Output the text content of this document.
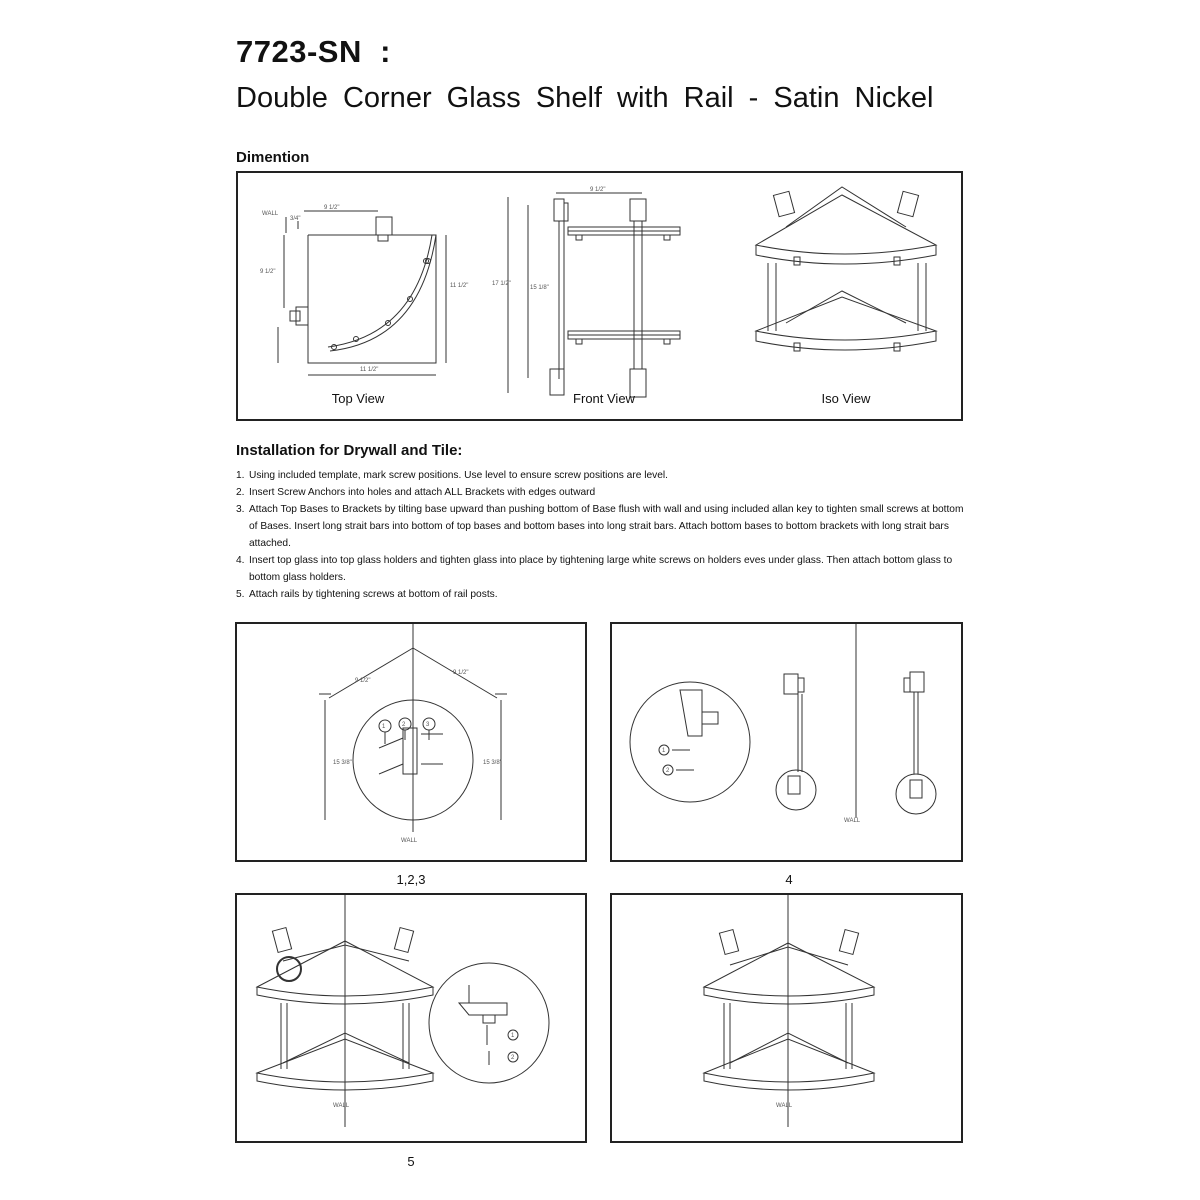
7723-SN  :
Double Corner Glass Shelf with Rail - Satin Nickel
Dimention
WALL
3/4"
9 1/2"
9 1/2"
11 1/2"
11 1/2"
9 1/2"
17 1/2"
15 1/8"
Top View	Front View	Iso View
Installation for Drywall and Tile:
1. Using included template, mark screw positions. Use level to ensure screw positions are level.
2. Insert Screw Anchors into holes and attach ALL Brackets with edges outward
3. Attach Top Bases to Brackets by tilting base upward than pushing bottom of Base flush with wall and using included allan key to tighten small screws at bottom of Bases. Insert long strait bars into bottom of top bases and bottom bases into long strait bars. Attach bottom bases to bottom brackets with long strait bars attached.
4. Insert top glass into top glass holders and tighten glass into place by tightening large white screws on holders eves under glass. Then attach bottom glass to bottom glass holders.
5. Attach rails by tightening screws at bottom of rail posts.
9 1/2"
9 1/2"
15 3/8"	15 3/8"
1	2	3
WALL
1,2,3
1
2
WALL
4
1
2
WALL
5
WALL
